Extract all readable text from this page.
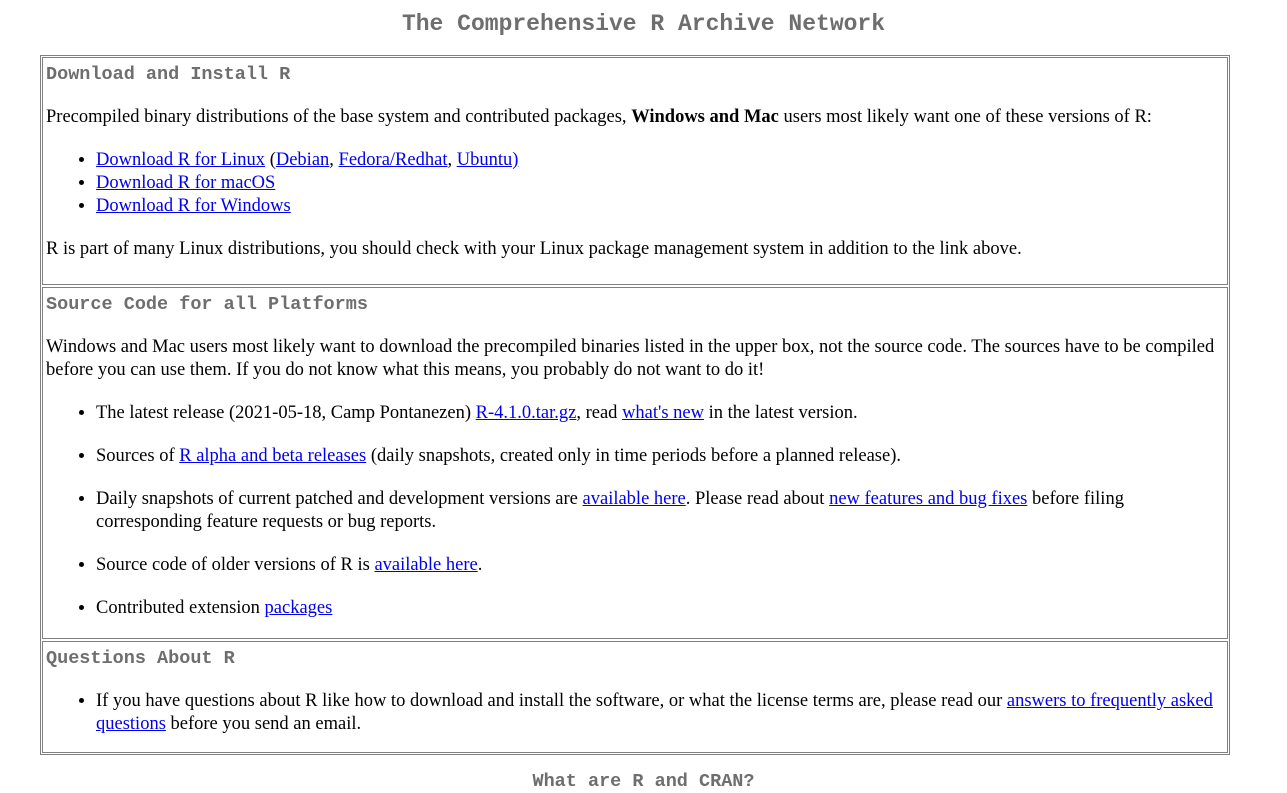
The Comprehensive R Archive Network
Download and Install R

Precompiled binary distributions of the base system and contributed packages, Windows and Mac users most likely want one of these versions of R:

• Download R for Linux (Debian, Fedora/Redhat, Ubuntu)
• Download R for macOS
• Download R for Windows

R is part of many Linux distributions, you should check with your Linux package management system in addition to the link above.

Source Code for all Platforms

Windows and Mac users most likely want to download the precompiled binaries listed in the upper box, not the source code. The sources have to be compiled before you can use them. If you do not know what this means, you probably do not want to do it!

• The latest release (2021-05-18, Camp Pontanezen) R-4.1.0.tar.gz, read what's new in the latest version.
• Sources of R alpha and beta releases (daily snapshots, created only in time periods before a planned release).
• Daily snapshots of current patched and development versions are available here. Please read about new features and bug fixes before filing corresponding feature requests or bug reports.
• Source code of older versions of R is available here.
• Contributed extension packages
Questions About R
• If you have questions about R like how to download and install the software, or what the license terms are, please read our answers to frequently asked questions before you send an email.
What are R and CRAN?
